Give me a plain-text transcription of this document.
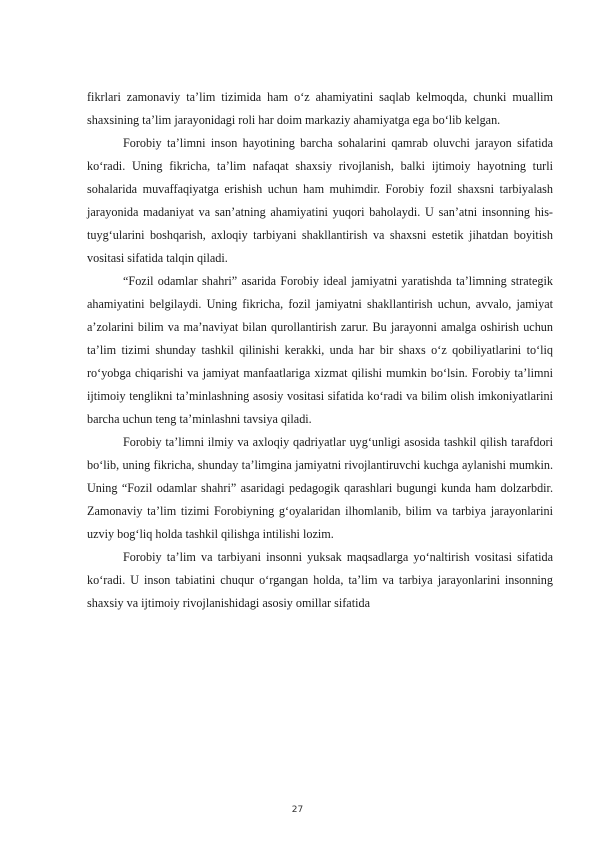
fikrlari zamonaviy ta’lim tizimida ham o‘z ahamiyatini saqlab kelmoqda, chunki muallim shaxsining ta’lim jarayonidagi roli har doim markaziy ahamiyatga ega bo‘lib kelgan.

Forobiy ta’limni inson hayotining barcha sohalarini qamrab oluvchi jarayon sifatida ko‘radi. Uning fikricha, ta’lim nafaqat shaxsiy rivojlanish, balki ijtimoiy hayotning turli sohalarida muvaffaqiyatga erishish uchun ham muhimdir. Forobiy fozil shaxsni tarbiyalash jarayonida madaniyat va san’atning ahamiyatini yuqori baholaydi. U san’atni insonning his-tuyg‘ularini boshqarish, axloqiy tarbiyani shakllantirish va shaxsni estetik jihatdan boyitish vositasi sifatida talqin qiladi.

“Fozil odamlar shahri” asarida Forobiy ideal jamiyatni yaratishda ta’limning strategik ahamiyatini belgilaydi. Uning fikricha, fozil jamiyatni shakllantirish uchun, avvalo, jamiyat a’zolarini bilim va ma’naviyat bilan qurollantirish zarur. Bu jarayonni amalga oshirish uchun ta’lim tizimi shunday tashkil qilinishi kerakki, unda har bir shaxs o‘z qobiliyatlarini to‘liq ro‘yobga chiqarishi va jamiyat manfaatlariga xizmat qilishi mumkin bo‘lsin. Forobiy ta’limni ijtimoiy tenglikni ta’minlashning asosiy vositasi sifatida ko‘radi va bilim olish imkoniyatlarini barcha uchun teng ta’minlashni tavsiya qiladi.

Forobiy ta’limni ilmiy va axloqiy qadriyatlar uyg‘unligi asosida tashkil qilish tarafdori bo‘lib, uning fikricha, shunday ta’limgina jamiyatni rivojlantiruvchi kuchga aylanishi mumkin. Uning “Fozil odamlar shahri” asaridagi pedagogik qarashlari bugungi kunda ham dolzarbdir. Zamonaviy ta’lim tizimi Forobiyning g‘oyalaridan ilhomlanib, bilim va tarbiya jarayonlarini uzviy bog‘liq holda tashkil qilishga intilishi lozim.

Forobiy ta’lim va tarbiyani insonni yuksak maqsadlarga yo‘naltirish vositasi sifatida ko‘radi. U inson tabiatini chuqur o‘rgangan holda, ta’lim va tarbiya jarayonlarini insonning shaxsiy va ijtimoiy rivojlanishidagi asosiy omillar sifatida

27
